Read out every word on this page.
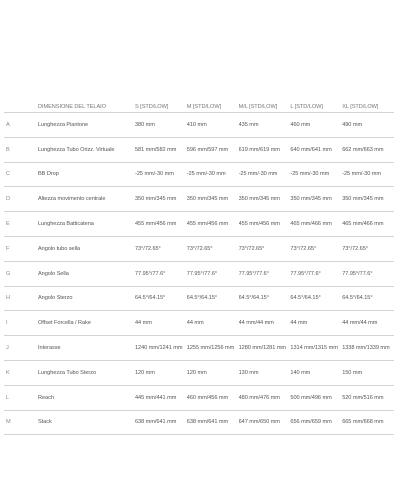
	DIMENSIONE DEL TELAIO	S [STD/LOW]	M [STD/LOW]	M/L [STD/LOW]	L [STD/LOW]	XL [STD/LOW]
A	Lunghezza Piantone	380 mm	410 mm	435 mm	460 mm	490 mm
B	Lunghezza Tubo Orizz. Virtuale	581 mm/582 mm	596 mm/597 mm	619 mm/619 mm	640 mm/641 mm	662 mm/663 mm
C	BB Drop	-25 mm/-30 mm	-25 mm/-30 mm	-25 mm/-30 mm	-25 mm/-30 mm	-25 mm/-30 mm
D	Altezza movimento centrale	350 mm/345 mm	350 mm/345 mm	350 mm/345 mm	350 mm/345 mm	350 mm/345 mm
E	Lunghezza Batticatena	455 mm/456 mm	455 mm/456 mm	455 mm/456 mm	465 mm/466 mm	465 mm/466 mm
F	Angolo tubo sella	73°/72.65°	73°/72.65°	73°/72.65°	73°/72.65°	73°/72.65°
G	Angolo Sella	77.95°/77.6°	77.95°/77.6°	77.95°/77.6°	77.95°/77.6°	77.95°/77.6°
H	Angolo Sterzo	64.5°/64.15°	64.5°/64.15°	64.5°/64.15°	64.5°/64.15°	64.5°/64.15°
I	Offset Forcella / Rake	44 mm	44 mm	44 mm/44 mm	44 mm	44 mm/44 mm
J	Interasse	1240 mm/1241 mm	1255 mm/1256 mm	1280 mm/1281 mm	1314 mm/1315 mm	1338 mm/1339 mm
K	Lunghezza Tubo Sterzo	120 mm	120 mm	130 mm	140 mm	150 mm
L	Reach	445 mm/441 mm	460 mm/456 mm	480 mm/476 mm	500 mm/496 mm	520 mm/516 mm
M	Stack	638 mm/641 mm	638 mm/641 mm	647 mm/650 mm	656 mm/659 mm	665 mm/668 mm
